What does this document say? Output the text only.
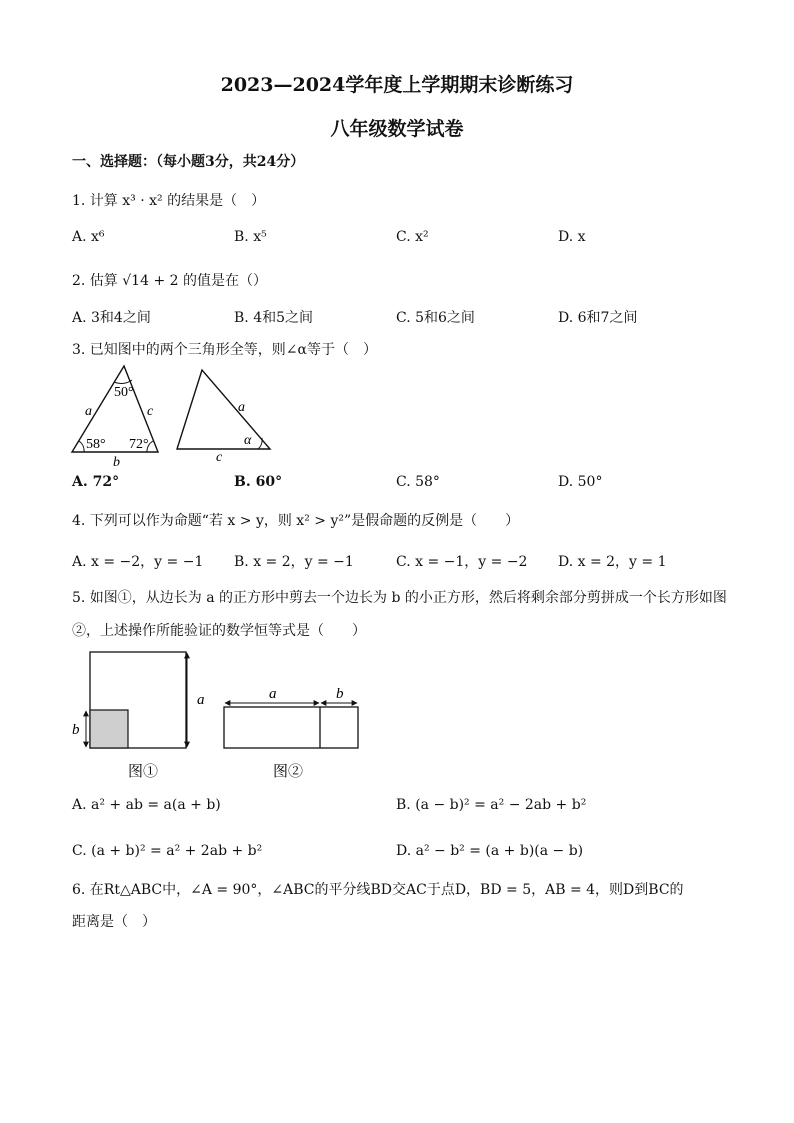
2023—2024学年度上学期期末诊断练习
八年级数学试卷
一、选择题：（每小题3分，共24分）
1. 计算 x³ · x² 的结果是（　）
A. x⁶	B. x⁵	C. x²	D. x
2. 估算 √14 + 2 的值是在（）
A. 3和4之间	B. 4和5之间	C. 5和6之间	D. 6和7之间
3. 已知图中的两个三角形全等，则∠α等于（　）
50°
58° 72°
a	c
b
a
c
α
A. 72°	B. 60°	C. 58°	D. 50°
4. 下列可以作为命题“若 x > y，则 x² > y²”是假命题的反例是（　　）
A. x = −2，y = −1 B. x = 2，y = −1	C. x = −1，y = −2 D. x = 2，y = 1
5. 如图①，从边长为 a 的正方形中剪去一个边长为 b 的小正方形，然后将剩余部分剪拼成一个长方形如图
②，上述操作所能验证的数学恒等式是（　　）
a
b
图①
a	b
图②
A. a² + ab = a(a + b)	B. (a − b)² = a² − 2ab + b²
C. (a + b)² = a² + 2ab + b²	D. a² − b² = (a + b)(a − b)
6. 在Rt△ABC中，∠A = 90°，∠ABC的平分线BD交AC于点D，BD = 5，AB = 4，则D到BC的
距离是（　）
